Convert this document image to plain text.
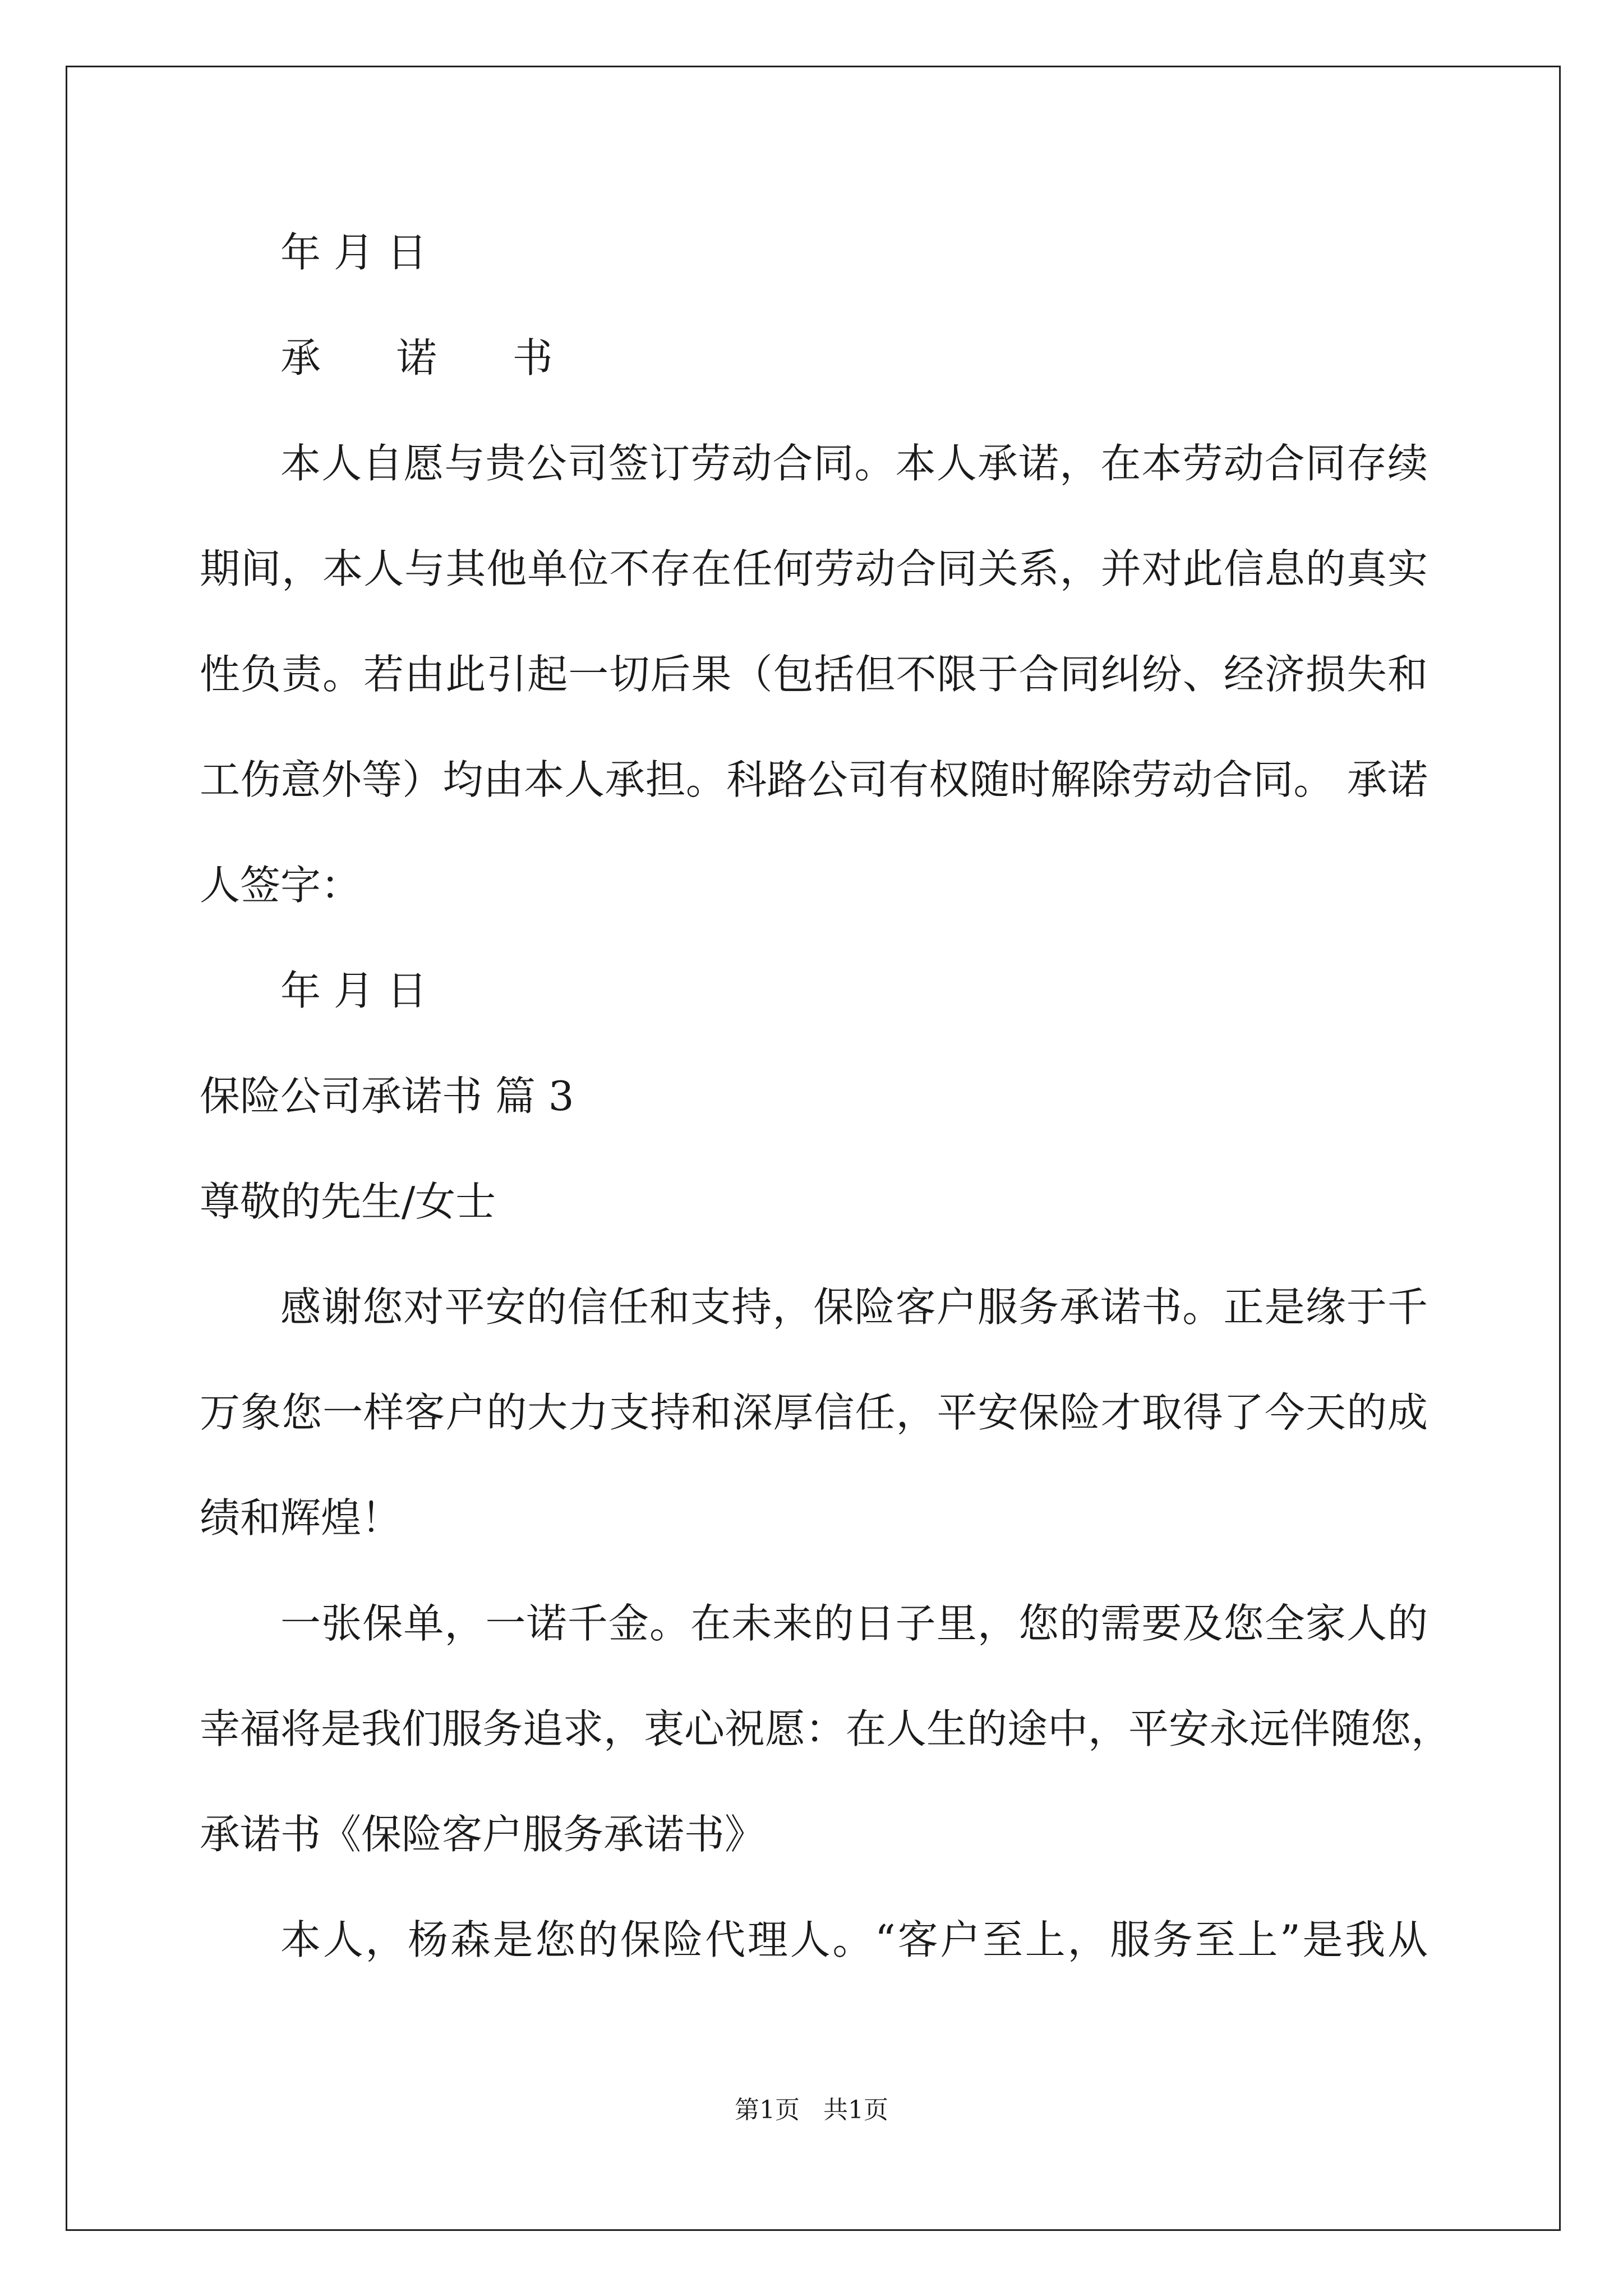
年 月 日

承 诺 书

本人自愿与贵公司签订劳动合同。本人承诺，在本劳动合同存续

期间，本人与其他单位不存在任何劳动合同关系，并对此信息的真实

性负责。若由此引起一切后果（包括但不限于合同纠纷、经济损失和

工伤意外等）均由本人承担。科路公司有权随时解除劳动合同。 承诺

人签字：

年 月 日

保险公司承诺书 篇 3

尊敬的先生/女士

感谢您对平安的信任和支持，保险客户服务承诺书。正是缘于千

万象您一样客户的大力支持和深厚信任，平安保险才取得了今天的成

绩和辉煌！

一张保单，一诺千金。在未来的日子里，您的需要及您全家人的

幸福将是我们服务追求，衷心祝愿：在人生的途中，平安永远伴随您，

承诺书《保险客户服务承诺书》

本人，杨森是您的保险代理人。“客户至上，服务至上”是我从

第1页   共1页
